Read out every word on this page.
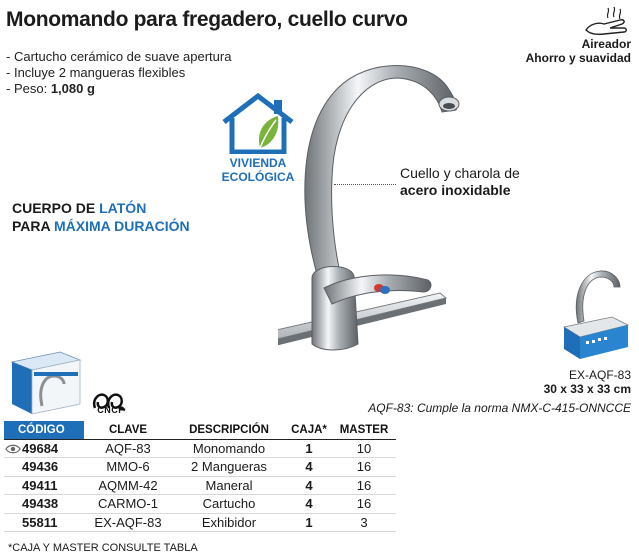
Monomando para fregadero, cuello curvo
- Cartucho cerámico de suave apertura
- Incluye 2 mangueras flexibles
- Peso: 1,080 g
Aireador
Ahorro y suavidad
VIVIENDA
ECOLÓGICA
CUERPO DE LATÓN
PARA MÁXIMA DURACIÓN
Cuello y charola de
acero inoxidable
EX-AQF-83
30 x 33 x 33 cm
AQF-83: Cumple la norma NMX-C-415-ONNCCE
CNCP
CÓDIGO	CLAVE	DESCRIPCIÓN	CAJA*	MASTER

49684	AQF-83	Monomando	1	10
49436	MMO-6	2 Mangueras	4	16
49411	AQMM-42	Maneral	4	16
49438	CARMO-1	Cartucho	4	16
55811	EX-AQF-83	Exhibidor	1	3
*CAJA Y MASTER CONSULTE TABLA
